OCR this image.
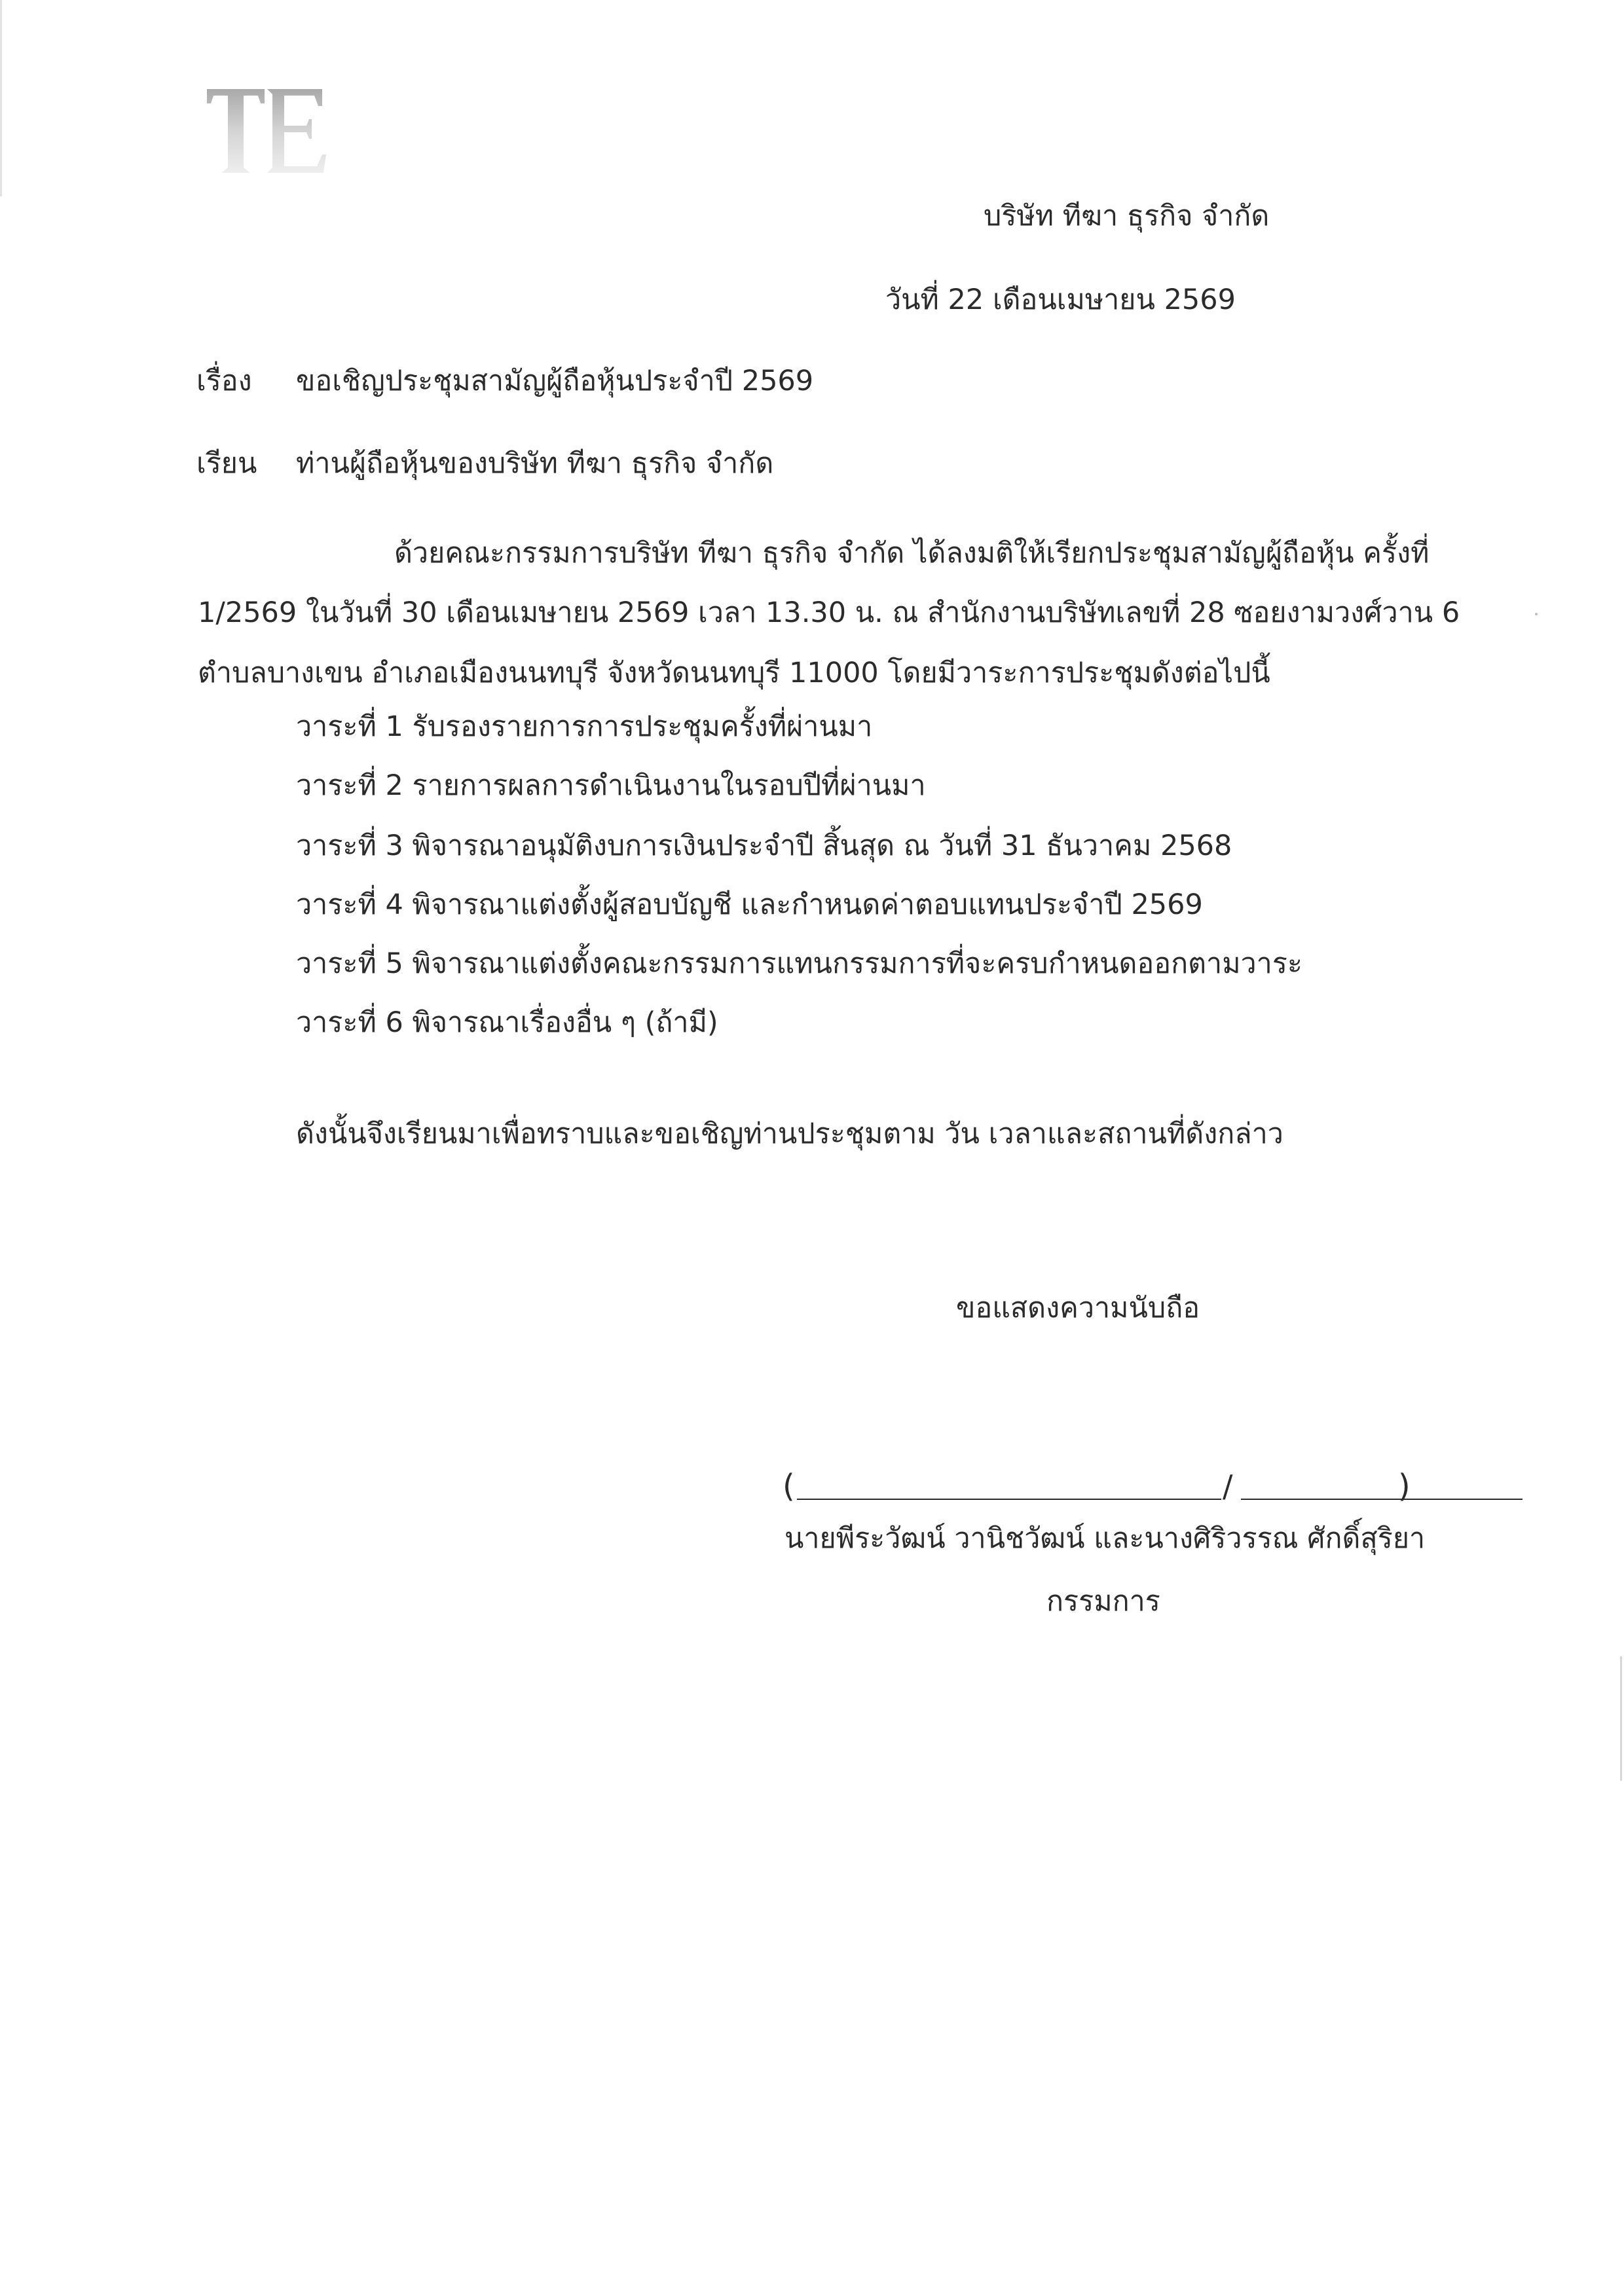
บริษัท ทีฆา ธุรกิจ จำกัด
วันที่ 22 เดือนเมษายน 2569
เรื่อง ขอเชิญประชุมสามัญผู้ถือหุ้นประจำปี 2569
เรียน ท่านผู้ถือหุ้นของบริษัท ทีฆา ธุรกิจ จำกัด
ด้วยคณะกรรมการบริษัท ทีฆา ธุรกิจ จำกัด ได้ลงมติให้เรียกประชุมสามัญผู้ถือหุ้น ครั้งที่
1/2569 ในวันที่ 30 เดือนเมษายน 2569 เวลา 13.30 น. ณ สำนักงานบริษัทเลขที่ 28 ซอยงามวงศ์วาน 6
ตำบลบางเขน อำเภอเมืองนนทบุรี จังหวัดนนทบุรี 11000 โดยมีวาระการประชุมดังต่อไปนี้
วาระที่ 1 รับรองรายการการประชุมครั้งที่ผ่านมา
วาระที่ 2 รายการผลการดำเนินงานในรอบปีที่ผ่านมา
วาระที่ 3 พิจารณาอนุมัติงบการเงินประจำปี สิ้นสุด ณ วันที่ 31 ธันวาคม 2568
วาระที่ 4 พิจารณาแต่งตั้งผู้สอบบัญชี และกำหนดค่าตอบแทนประจำปี 2569
วาระที่ 5 พิจารณาแต่งตั้งคณะกรรมการแทนกรรมการที่จะครบกำหนดออกตามวาระ
วาระที่ 6 พิจารณาเรื่องอื่น ๆ (ถ้ามี)
ดังนั้นจึงเรียนมาเพื่อทราบและขอเชิญท่านประชุมตาม วัน เวลาและสถานที่ดังกล่าว
ขอแสดงความนับถือ
(	/	)
นายพีระวัฒน์ วานิชวัฒน์ และนางศิริวรรณ ศักดิ์สุริยา
กรรมการ
